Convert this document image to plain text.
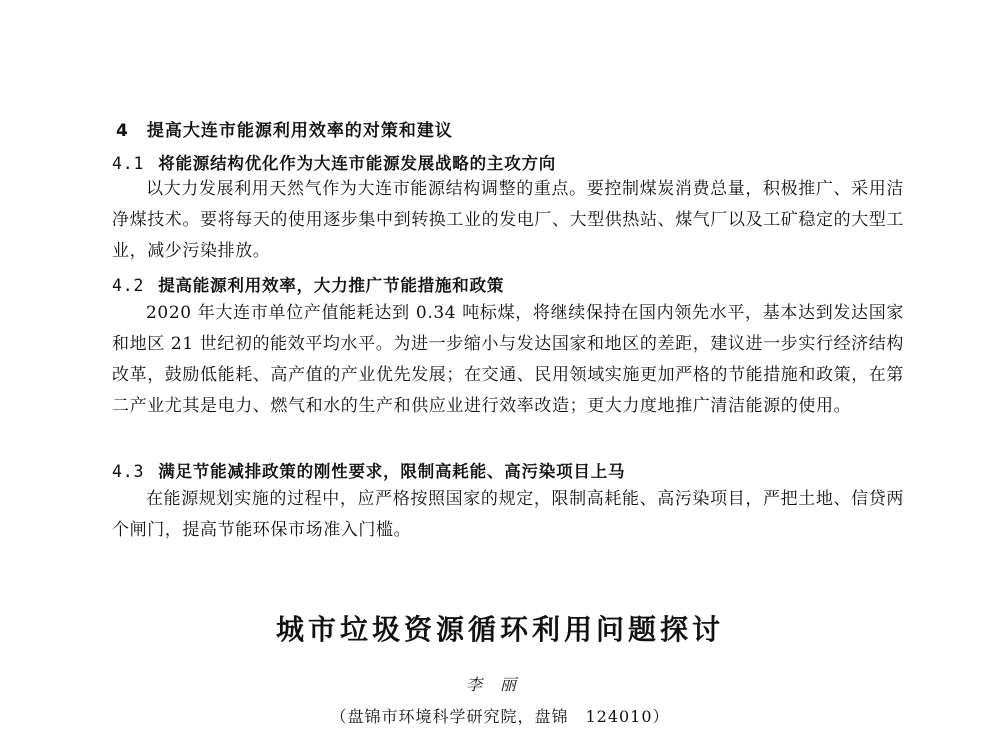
4 提高大连市能源利用效率的对策和建议
4.1 将能源结构优化作为大连市能源发展战略的主攻方向

以大力发展利用天然气作为大连市能源结构调整的重点。要控制煤炭消费总量，积极推广、采用洁净煤技术。要将每天的使用逐步集中到转换工业的发电厂、大型供热站、煤气厂以及工矿稳定的大型工业，减少污染排放。

4.2 提高能源利用效率，大力推广节能措施和政策

2020 年大连市单位产值能耗达到 0.34 吨标煤，将继续保持在国内领先水平，基本达到发达国家和地区 21 世纪初的能效平均水平。为进一步缩小与发达国家和地区的差距，建议进一步实行经济结构改革，鼓励低能耗、高产值的产业优先发展；在交通、民用领域实施更加严格的节能措施和政策，在第二产业尤其是电力、燃气和水的生产和供应业进行效率改造；更大力度地推广清洁能源的使用。

4.3 满足节能减排政策的刚性要求，限制高耗能、高污染项目上马

在能源规划实施的过程中，应严格按照国家的规定，限制高耗能、高污染项目，严把土地、信贷两个闸门，提高节能环保市场准入门槛。

城市垃圾资源循环利用问题探讨
李丽
（盘锦市环境科学研究院，盘锦　124010）
